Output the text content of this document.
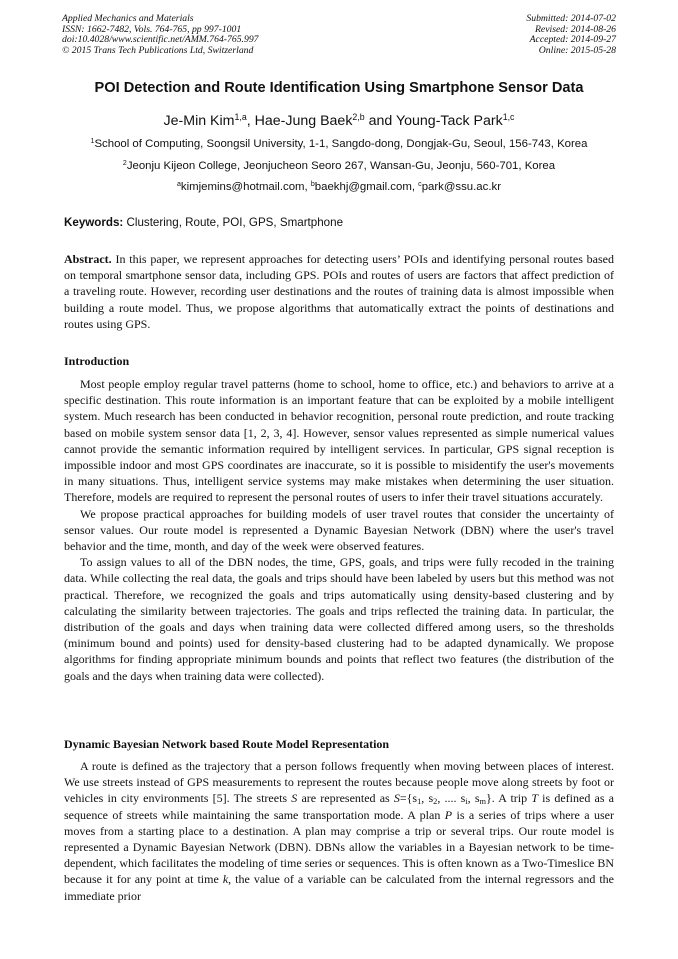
Applied Mechanics and Materials
ISSN: 1662-7482, Vols. 764-765, pp 997-1001
doi:10.4028/www.scientific.net/AMM.764-765.997
© 2015 Trans Tech Publications Ltd, Switzerland
Submitted: 2014-07-02
Revised: 2014-08-26
Accepted: 2014-09-27
Online: 2015-05-28
POI Detection and Route Identification Using Smartphone Sensor Data
Je-Min Kim$^{1,a}$, Hae-Jung Baek$^{2,b}$ and Young-Tack Park$^{1,c}$
$^1$School of Computing, Soongsil University, 1-1, Sangdo-dong, Dongjak-Gu, Seoul, 156-743, Korea
$^2$Jeonju Kijeon College, Jeonjucheon Seoro 267, Wansan-Gu, Jeonju, 560-701, Korea
$^a$kimjemins@hotmail.com, $^b$baekhj@gmail.com, $^c$park@ssu.ac.kr
Keywords: Clustering, Route, POI, GPS, Smartphone

Abstract. In this paper, we represent approaches for detecting users’ POIs and identifying personal routes based on temporal smartphone sensor data, including GPS. POIs and routes of users are factors that affect prediction of a traveling route. However, recording user destinations and the routes of training data is almost impossible when building a route model. Thus, we propose algorithms that automatically extract the points of destinations and routes using GPS.

Introduction

Most people employ regular travel patterns (home to school, home to office, etc.) and behaviors to arrive at a specific destination. This route information is an important feature that can be exploited by a mobile intelligent system. Much research has been conducted in behavior recognition, personal route prediction, and route tracking based on mobile system sensor data [1, 2, 3, 4]. However, sensor values represented as simple numerical values cannot provide the semantic information required by intelligent services. In particular, GPS signal reception is impossible indoor and most GPS coordinates are inaccurate, so it is possible to misidentify the user's movements in many situations. Thus, intelligent service systems may make mistakes when determining the user situation. Therefore, models are required to represent the personal routes of users to infer their travel situations accurately.

We propose practical approaches for building models of user travel routes that consider the uncertainty of sensor values. Our route model is represented a Dynamic Bayesian Network (DBN) where the user's travel behavior and the time, month, and day of the week were observed features.

To assign values to all of the DBN nodes, the time, GPS, goals, and trips were fully recoded in the training data. While collecting the real data, the goals and trips should have been labeled by users but this method was not practical. Therefore, we recognized the goals and trips automatically using density-based clustering and by calculating the similarity between trajectories. The goals and trips reflected the training data. In particular, the distribution of the goals and days when training data were collected differed among users, so the thresholds (minimum bound and points) used for density-based clustering had to be adapted dynamically. We propose algorithms for finding appropriate minimum bounds and points that reflect two features (the distribution of the goals and the days when training data were collected).

Dynamic Bayesian Network based Route Model Representation

A route is defined as the trajectory that a person follows frequently when moving between places of interest. We use streets instead of GPS measurements to represent the routes because people move along streets by foot or vehicles in city environments [5]. The streets S are represented as $S=\{s_1$, $s_2$, .... $s_i$, $s_m$}. A trip T is defined as a sequence of streets while maintaining the same transportation mode. A plan P is a series of trips where a user moves from a starting place to a destination. A plan may comprise a trip or several trips. Our route model is represented a Dynamic Bayesian Network (DBN). DBNs allow the variables in a Bayesian network to be time-dependent, which facilitates the modeling of time series or sequences. This is often known as a Two-Timeslice BN because it for any point at time k, the value of a variable can be calculated from the internal regressors and the immediate prior
